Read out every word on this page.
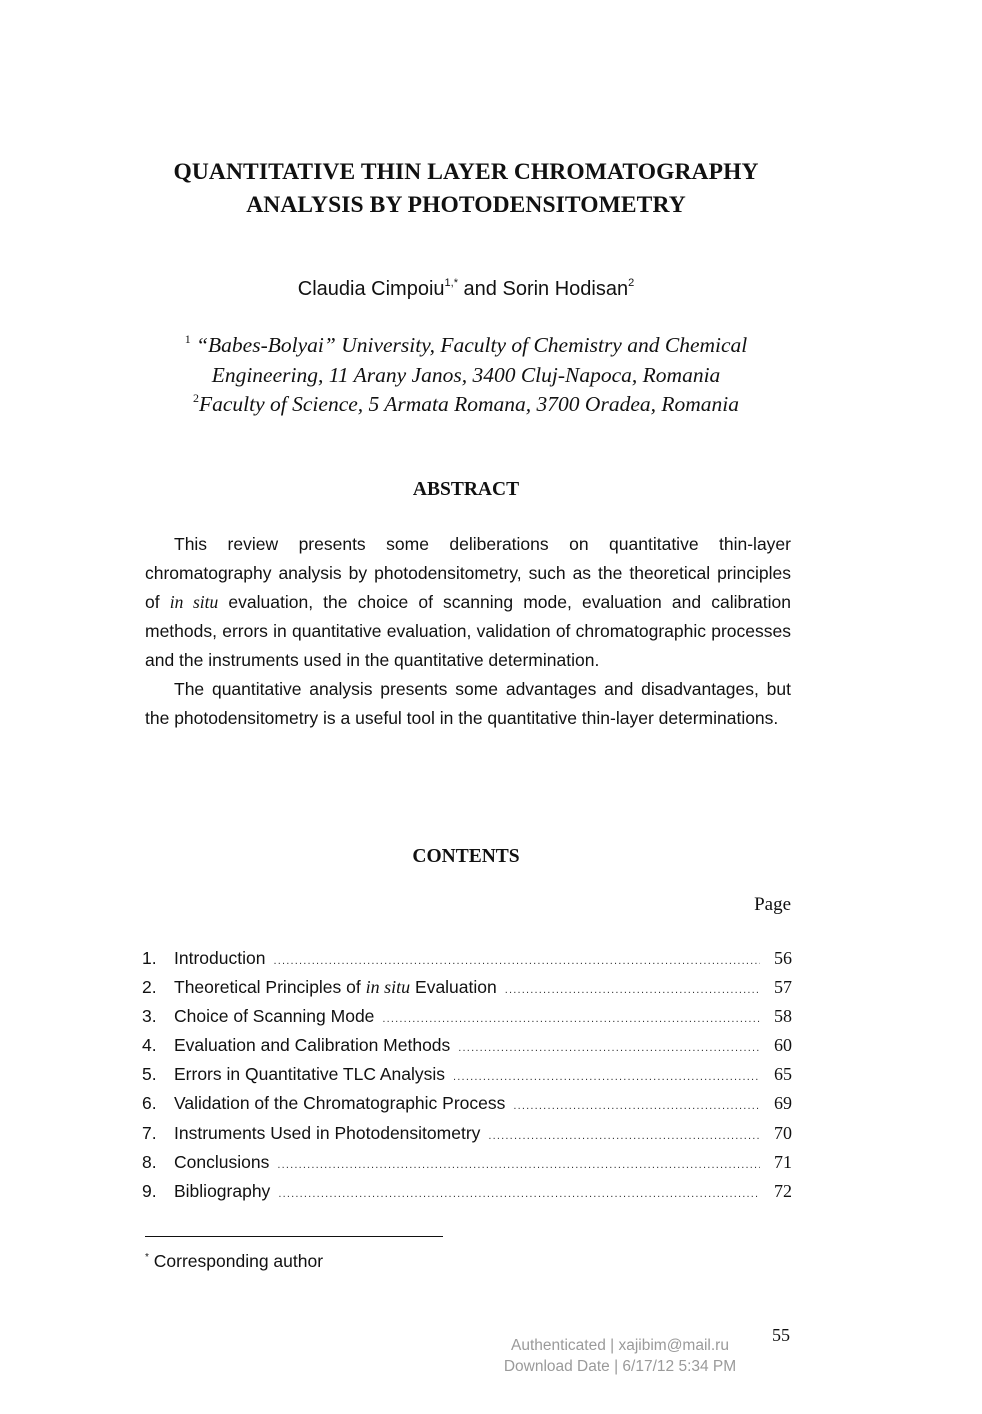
QUANTITATIVE THIN LAYER CHROMATOGRAPHY
ANALYSIS BY PHOTODENSITOMETRY
Claudia Cimpoiu$^{1,*}$ and Sorin Hodisan$^2$
$^1$ “Babes-Bolyai” University, Faculty of Chemistry and Chemical
Engineering, 11 Arany Janos, 3400 Cluj-Napoca, Romania
$^2$Faculty of Science, 5 Armata Romana, 3700 Oradea, Romania
ABSTRACT

This review presents some deliberations on quantitative thin-layer chromatography analysis by photodensitometry, such as the theoretical principles of in situ evaluation, the choice of scanning mode, evaluation and calibration methods, errors in quantitative evaluation, validation of chromatographic processes and the instruments used in the quantitative determination.

The quantitative analysis presents some advantages and disadvantages, but the photodensitometry is a useful tool in the quantitative thin-layer determinations.

CONTENTS
Page
1. Introduction .....	56
2. Theoretical Principles of in situ Evaluation .....	57
3. Choice of Scanning Mode .....	58
4. Evaluation and Calibration Methods .....	60
5. Errors in Quantitative TLC Analysis .....	65
6. Validation of the Chromatographic Process .....	69
7. Instruments Used in Photodensitometry .....	70
8. Conclusions .....	71
9. Bibliography .....	72
* Corresponding author
55
Authenticated | xajibim@mail.ru
Download Date | 6/17/12 5:34 PM
